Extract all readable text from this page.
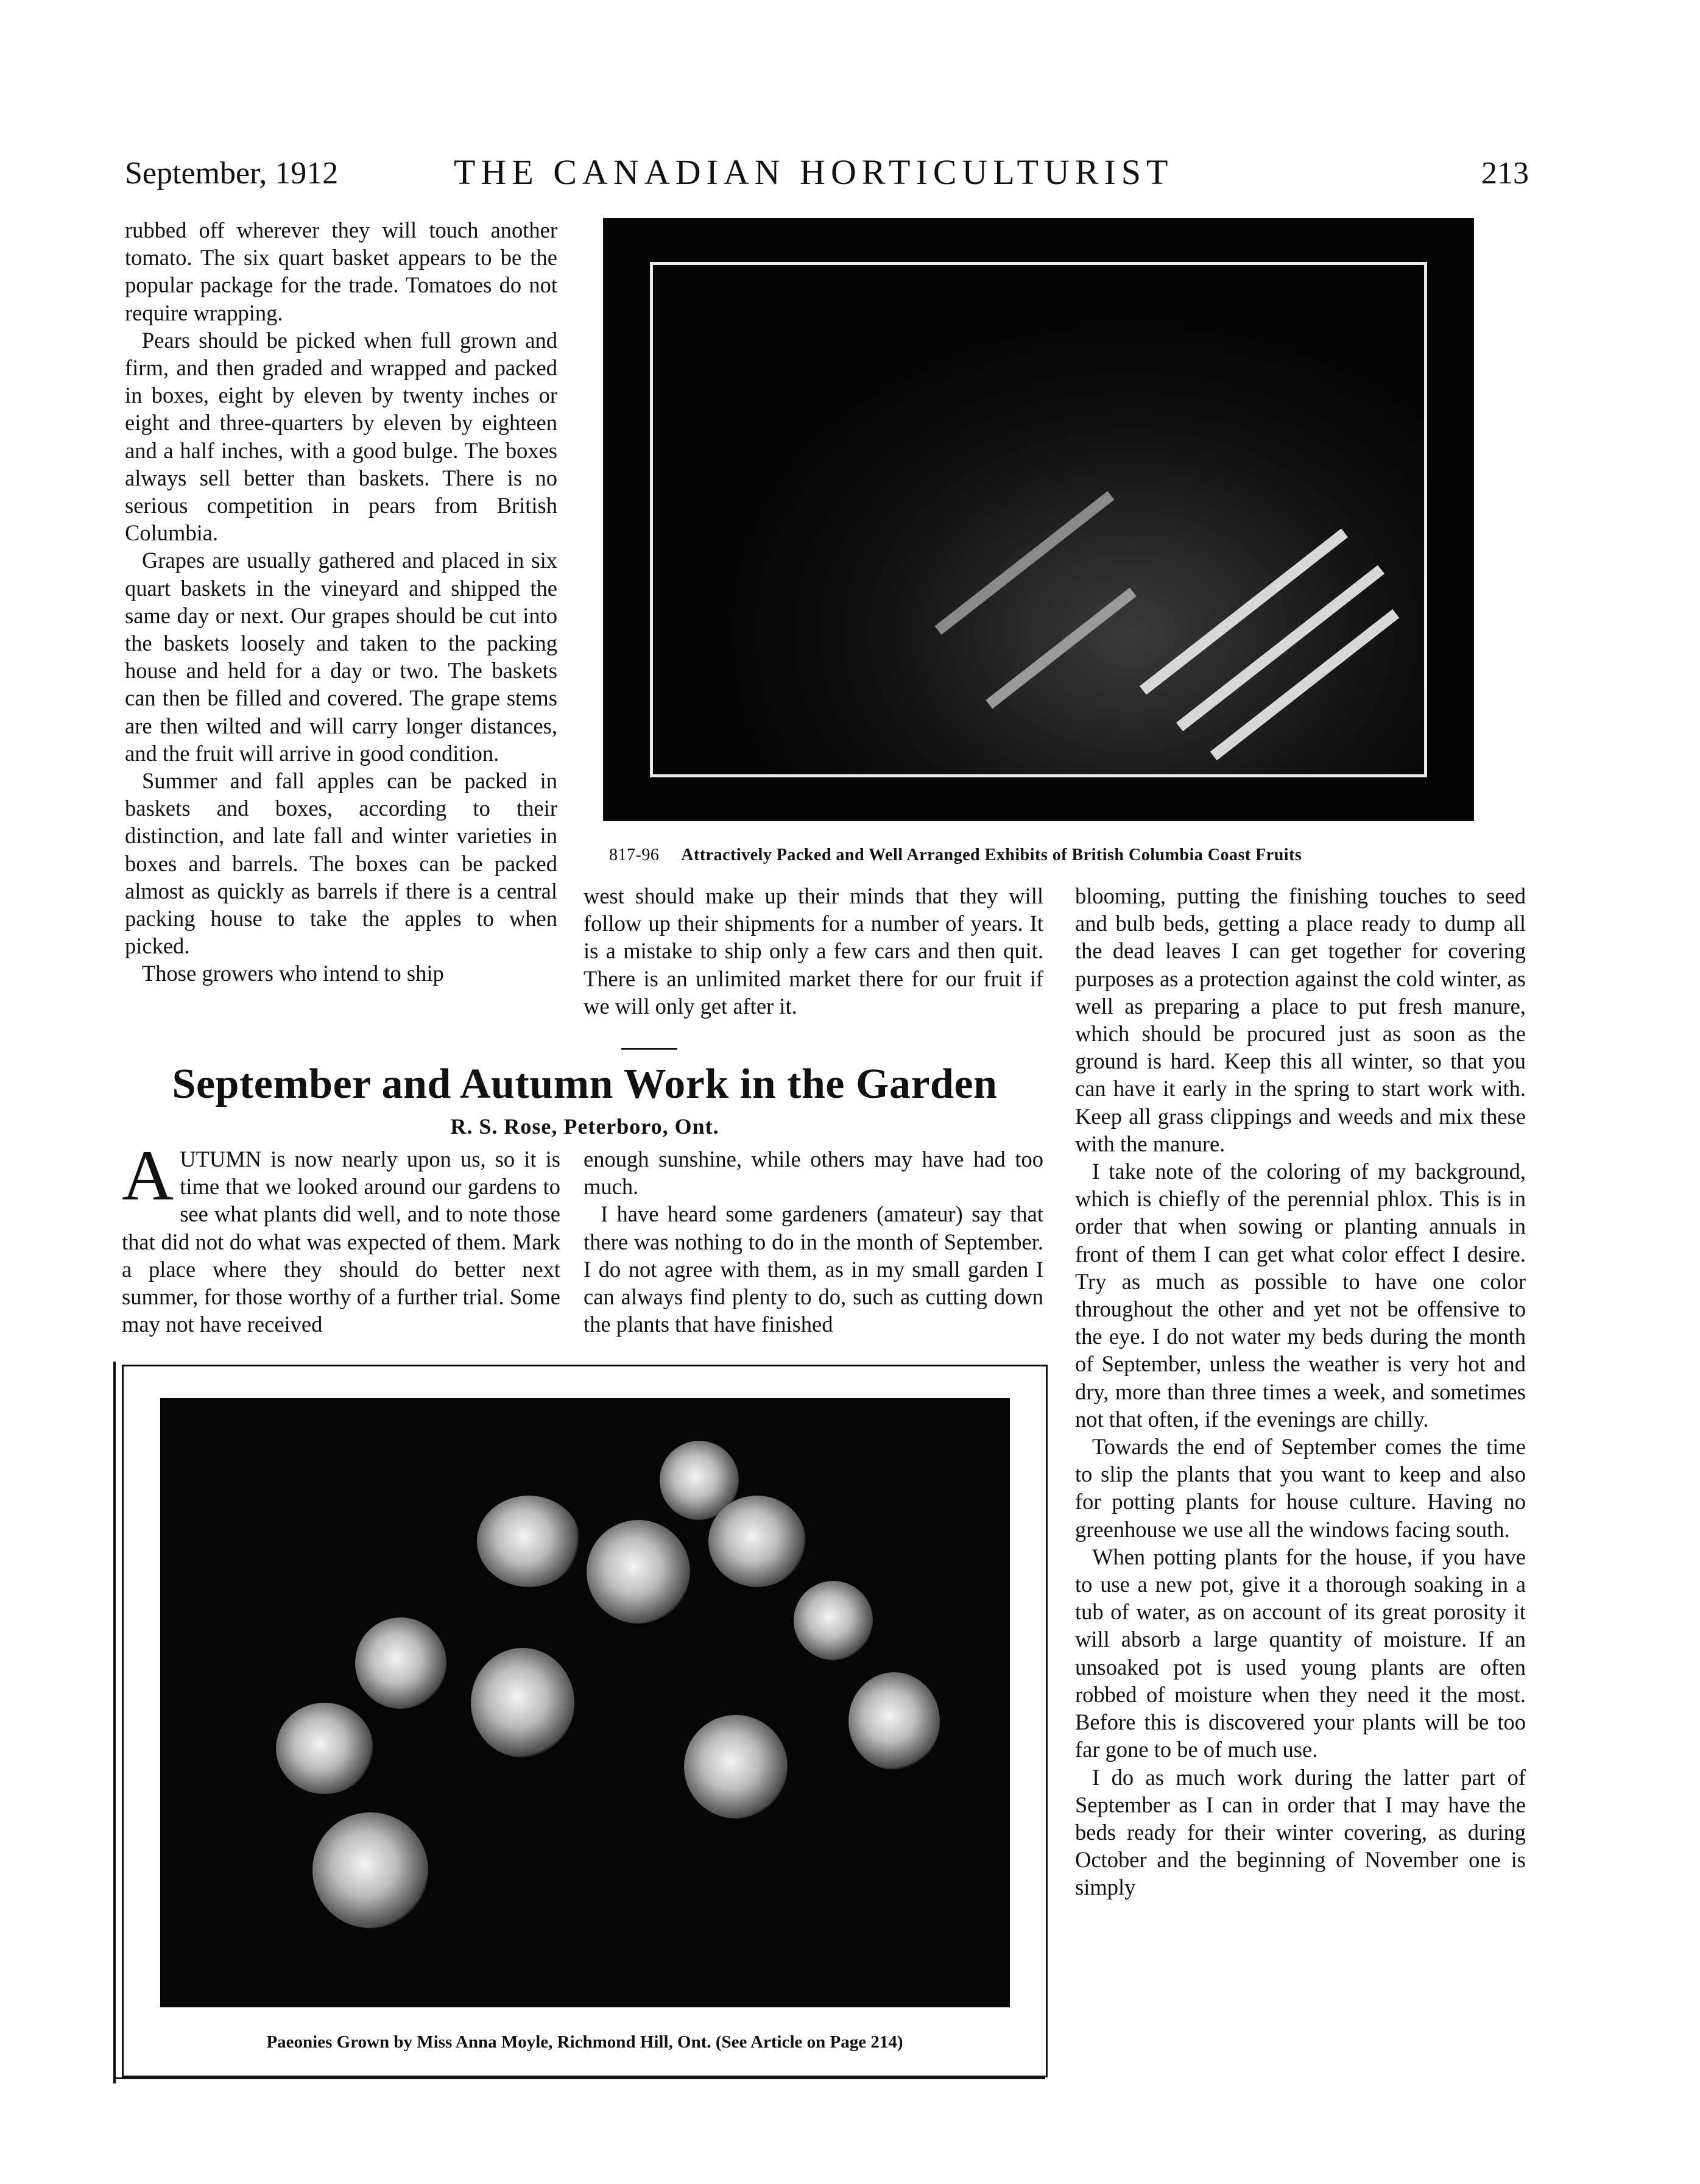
September, 1912	THE CANADIAN HORTICULTURIST	213

rubbed off wherever they will touch another tomato. The six quart basket appears to be the popular package for the trade. Tomatoes do not require wrapping.

Pears should be picked when full grown and firm, and then graded and wrapped and packed in boxes, eight by eleven by twenty inches or eight and three-quarters by eleven by eighteen and a half inches, with a good bulge. The boxes always sell better than baskets. There is no serious competition in pears from British Columbia.

Grapes are usually gathered and placed in six quart baskets in the vineyard and shipped the same day or next. Our grapes should be cut into the baskets loosely and taken to the packing house and held for a day or two. The baskets can then be filled and covered. The grape stems are then wilted and will carry longer distances, and the fruit will arrive in good condition.

Summer and fall apples can be packed in baskets and boxes, according to their distinction, and late fall and winter varieties in boxes and barrels. The boxes can be packed almost as quickly as barrels if there is a central packing house to take the apples to when picked.

Those growers who intend to ship

817-96 Attractively Packed and Well Arranged Exhibits of British Columbia Coast Fruits

west should make up their minds that they will follow up their shipments for a number of years. It is a mistake to ship only a few cars and then quit. There is an unlimited market there for our fruit if we will only get after it.

September and Autumn Work in the Garden
R. S. Rose, Peterboro, Ont.

AUTUMN is now nearly upon us, so it is time that we looked around our gardens to see what plants did well, and to note those that did not do what was expected of them. Mark a place where they should do better next summer, for those worthy of a further trial. Some may not have received

enough sunshine, while others may have had too much.

I have heard some gardeners (amateur) say that there was nothing to do in the month of September. I do not agree with them, as in my small garden I can always find plenty to do, such as cutting down the plants that have finished

blooming, putting the finishing touches to seed and bulb beds, getting a place ready to dump all the dead leaves I can get together for covering purposes as a protection against the cold winter, as well as preparing a place to put fresh manure, which should be procured just as soon as the ground is hard. Keep this all winter, so that you can have it early in the spring to start work with. Keep all grass clippings and weeds and mix these with the manure.

I take note of the coloring of my background, which is chiefly of the perennial phlox. This is in order that when sowing or planting annuals in front of them I can get what color effect I desire. Try as much as possible to have one color throughout the other and yet not be offensive to the eye. I do not water my beds during the month of September, unless the weather is very hot and dry, more than three times a week, and sometimes not that often, if the evenings are chilly.

Towards the end of September comes the time to slip the plants that you want to keep and also for potting plants for house culture. Having no greenhouse we use all the windows facing south.

When potting plants for the house, if you have to use a new pot, give it a thorough soaking in a tub of water, as on account of its great porosity it will absorb a large quantity of moisture. If an unsoaked pot is used young plants are often robbed of moisture when they need it the most. Before this is discovered your plants will be too far gone to be of much use.

I do as much work during the latter part of September as I can in order that I may have the beds ready for their winter covering, as during October and the beginning of November one is simply

Paeonies Grown by Miss Anna Moyle, Richmond Hill, Ont. (See Article on Page 214)
